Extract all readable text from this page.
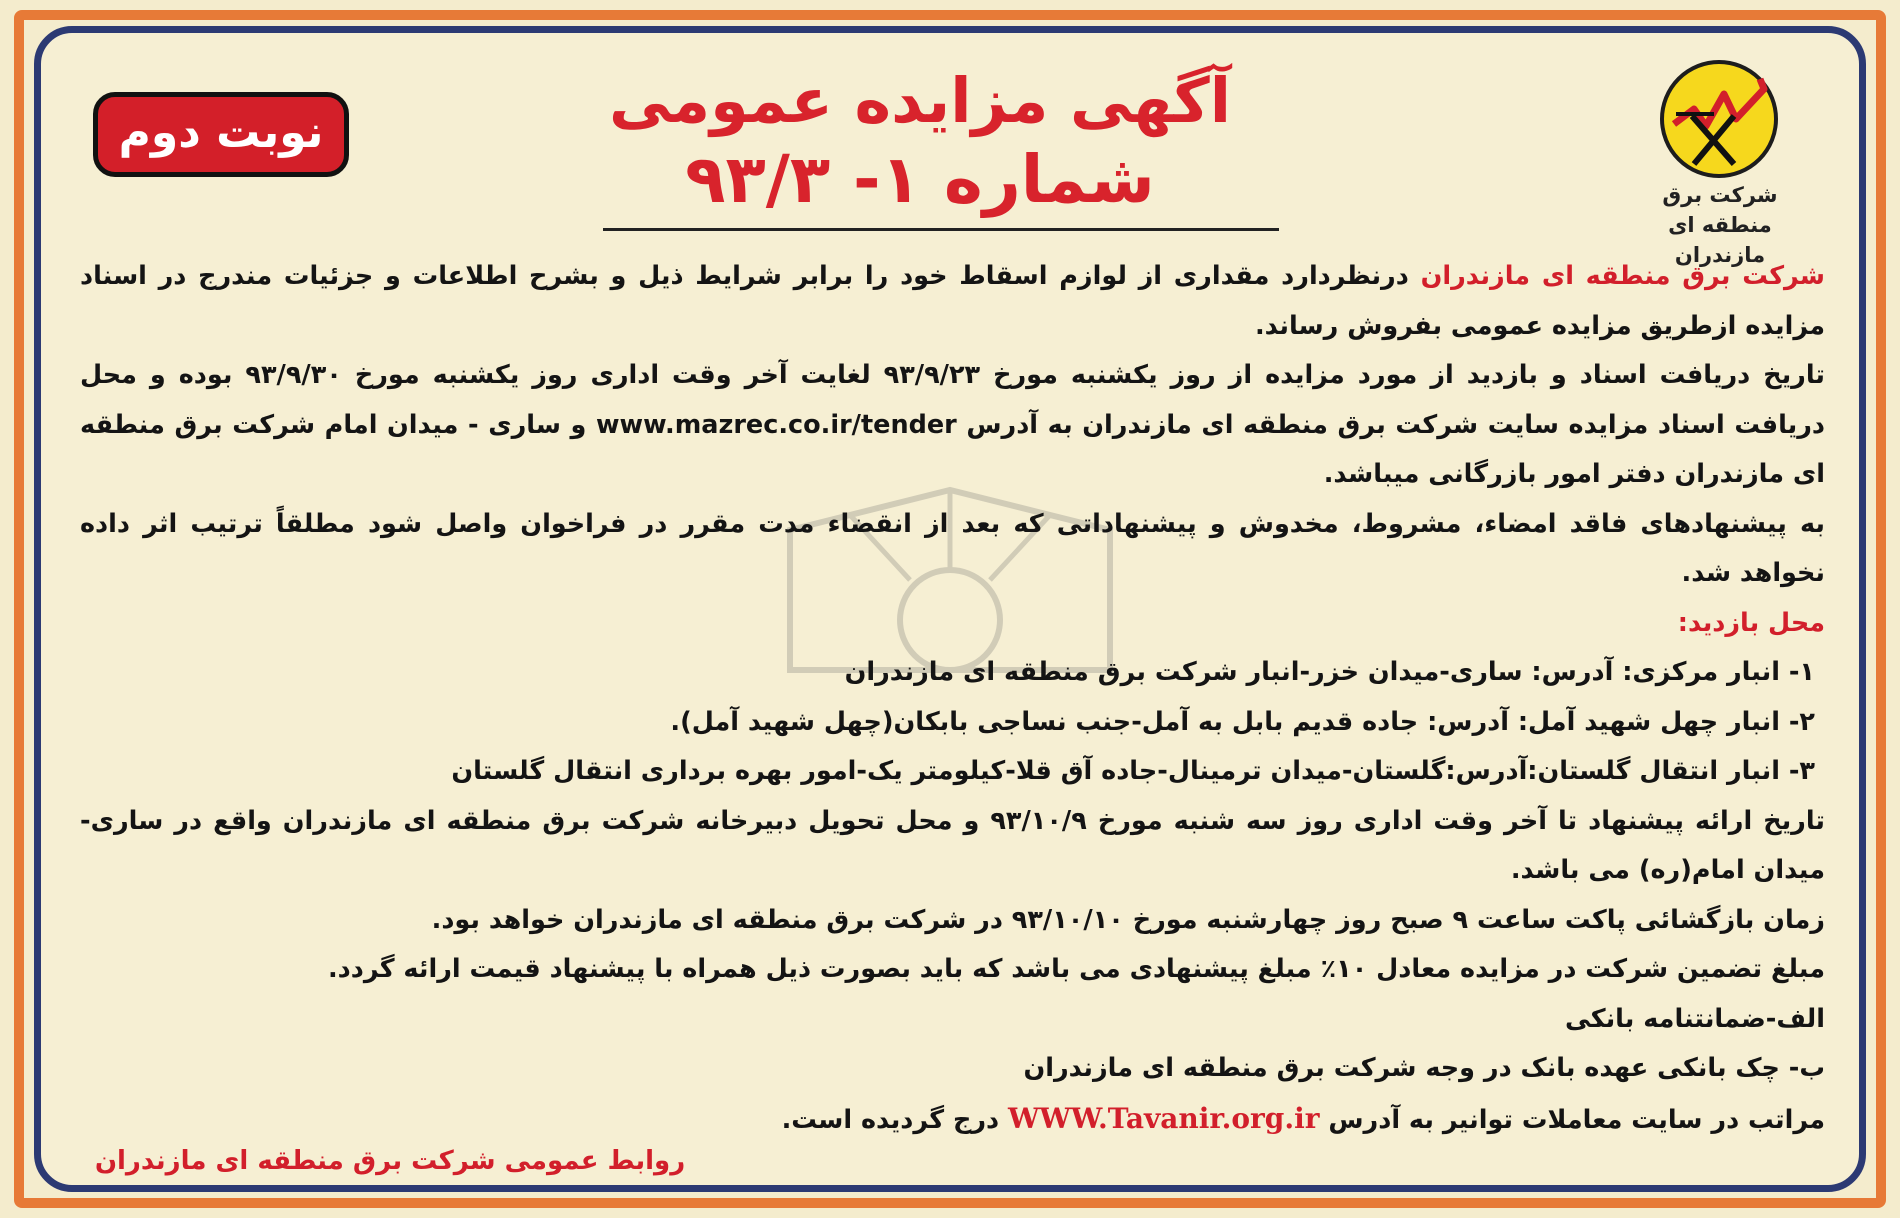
شرکت برق منطقه ای
مازندران
نوبت دوم	آگهی مزایده عمومی
شماره ۱- ۹۳/۳

شرکت برق منطقه ای مازندران درنظردارد مقداری از لوازم اسقاط خود را برابر شرایط ذیل و بشرح اطلاعات و جزئیات مندرج در اسناد مزایده ازطریق مزایده عمومی بفروش رساند.

تاریخ دریافت اسناد و بازدید از مورد مزایده از روز یکشنبه مورخ ۹۳/۹/۲۳ لغایت آخر وقت اداری روز یکشنبه مورخ ۹۳/۹/۳۰ بوده و محل دریافت اسناد مزایده سایت شرکت برق منطقه ای مازندران به آدرس www.mazrec.co.ir/tender و ساری - میدان امام شرکت برق منطقه ای مازندران دفتر امور بازرگانی میباشد.

به پیشنهادهای فاقد امضاء، مشروط، مخدوش و پیشنهاداتی که بعد از انقضاء مدت مقرر در فراخوان واصل شود مطلقاً ترتیب اثر داده نخواهد شد.

محل بازدید:

۱- انبار مرکزی: آدرس: ساری-میدان خزر-انبار شرکت برق منطقه ای مازندران

۲- انبار چهل شهید آمل: آدرس: جاده قدیم بابل به آمل-جنب نساجی بابکان(چهل شهید آمل).

۳- انبار انتقال گلستان:آدرس:گلستان-میدان ترمینال-جاده آق قلا-کیلومتر یک-امور بهره برداری انتقال گلستان

تاریخ ارائه پیشنهاد تا آخر وقت اداری روز سه شنبه مورخ ۹۳/۱۰/۹ و محل تحویل دبیرخانه شرکت برق منطقه ای مازندران واقع در ساری-میدان امام(ره) می باشد.

زمان بازگشائی پاکت ساعت ۹ صبح روز چهارشنبه مورخ ۹۳/۱۰/۱۰ در شرکت برق منطقه ای مازندران خواهد بود.

مبلغ تضمین شرکت در مزایده معادل ۱۰٪ مبلغ پیشنهادی می باشد که باید بصورت ذیل همراه با پیشنهاد قیمت ارائه گردد.

الف-ضمانتنامه بانکی

ب- چک بانکی عهده بانک در وجه شرکت برق منطقه ای مازندران

مراتب در سایت معاملات توانیر به آدرس WWW.Tavanir.org.ir درج گردیده است.

روابط عمومی شرکت برق منطقه ای مازندران
